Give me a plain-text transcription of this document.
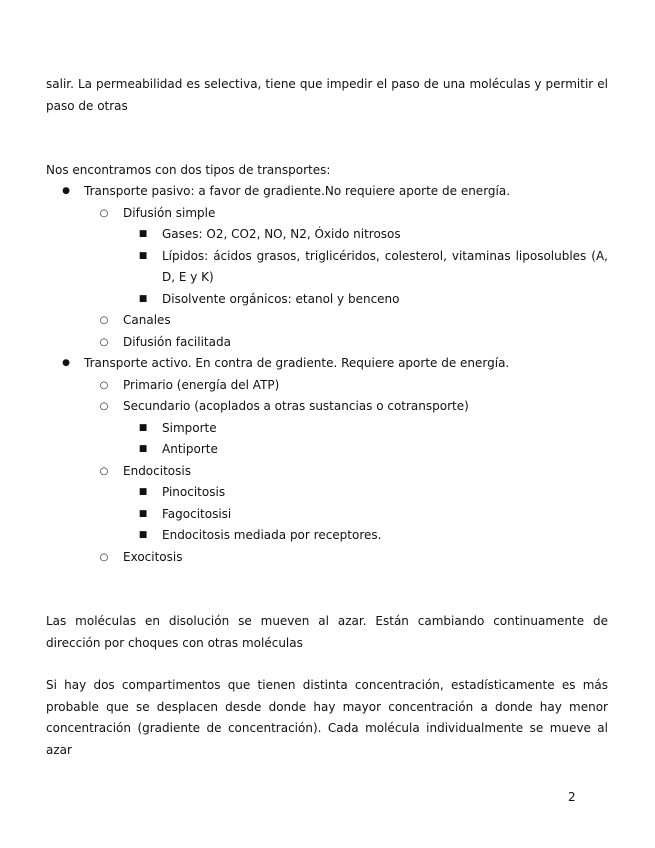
salir. La permeabilidad es selectiva, tiene que impedir el paso de una moléculas y permitir el paso de otras

Nos encontramos con dos tipos de transportes:

●	Transporte pasivo: a favor de gradiente.No requiere aporte de energía.
○	Difusión simple
■	Gases: O2, CO2, NO, N2, Óxido nitrosos
■	Lípidos: ácidos grasos, triglicéridos, colesterol, vitaminas liposolubles (A, D, E y K)
■	Disolvente orgánicos: etanol y benceno
○	Canales
○	Difusión facilitada
●	Transporte activo. En contra de gradiente. Requiere aporte de energía.
○	Primario (energía del ATP)
○	Secundario (acoplados a otras sustancias o cotransporte)
■	Simporte
■	Antiporte
○	Endocitosis
■	Pinocitosis
■	Fagocitosisi
■	Endocitosis mediada por receptores.
○	Exocitosis

Las moléculas en disolución se mueven al azar. Están cambiando continuamente de dirección por choques con otras moléculas

Si hay dos compartimentos que tienen distinta concentración, estadísticamente es más probable que se desplacen desde donde hay mayor concentración a donde hay menor concentración (gradiente de concentración). Cada molécula individualmente se mueve al azar

2
